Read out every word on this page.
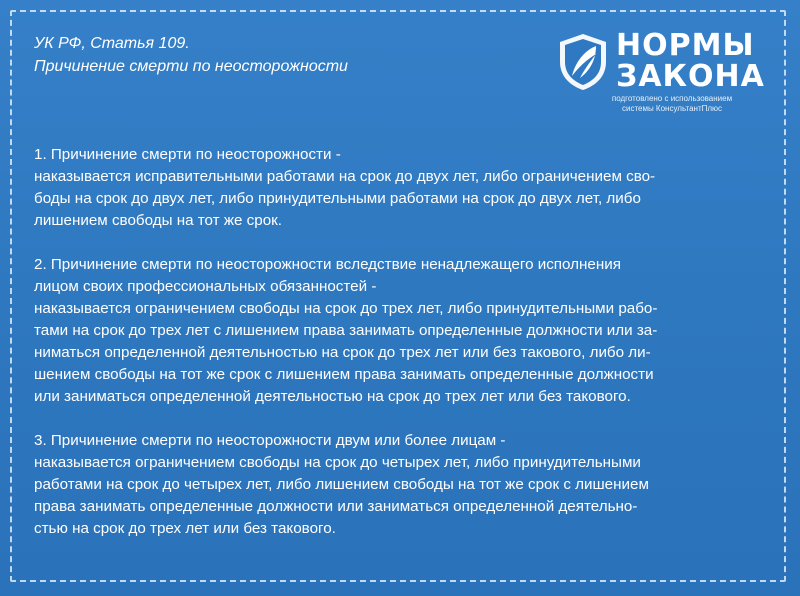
УК РФ, Статья 109.
Причинение смерти по неосторожности
НОРМЫ
ЗАКОНА
подготовлено с использованием
системы КонсультантПлюс
1. Причинение смерти по неосторожности -
наказывается исправительными работами на срок до двух лет, либо ограничением сво-
боды на срок до двух лет, либо принудительными работами на срок до двух лет, либо
лишением свободы на тот же срок.
2. Причинение смерти по неосторожности вследствие ненадлежащего исполнения
лицом своих профессиональных обязанностей -
наказывается ограничением свободы на срок до трех лет, либо принудительными рабо-
тами на срок до трех лет с лишением права занимать определенные должности или за-
ниматься определенной деятельностью на срок до трех лет или без такового, либо ли-
шением свободы на тот же срок с лишением права занимать определенные должности
или заниматься определенной деятельностью на срок до трех лет или без такового.
3. Причинение смерти по неосторожности двум или более лицам -
наказывается ограничением свободы на срок до четырех лет, либо принудительными
работами на срок до четырех лет, либо лишением свободы на тот же срок с лишением
права занимать определенные должности или заниматься определенной деятельно-
стью на срок до трех лет или без такового.
